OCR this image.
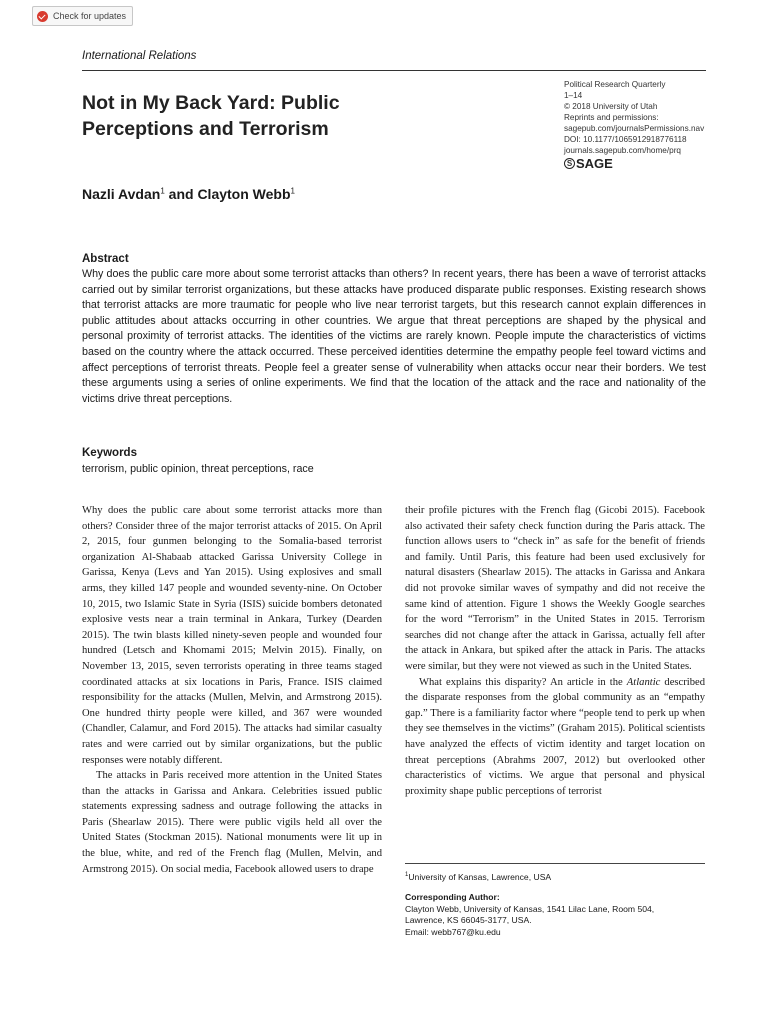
Check for updates
International Relations
Not in My Back Yard: Public Perceptions and Terrorism
Political Research Quarterly
1–14
© 2018 University of Utah
Reprints and permissions:
sagepub.com/journalsPermissions.nav
DOI: 10.1177/1065912918776118
journals.sagepub.com/home/prq
S SAGE
Nazli Avdan$^1$ and Clayton Webb$^1$
Abstract

Why does the public care more about some terrorist attacks than others? In recent years, there has been a wave of terrorist attacks carried out by similar terrorist organizations, but these attacks have produced disparate public responses. Existing research shows that terrorist attacks are more traumatic for people who live near terrorist targets, but this research cannot explain differences in public attitudes about attacks occurring in other countries. We argue that threat perceptions are shaped by the physical and personal proximity of terrorist attacks. The identities of the victims are rarely known. People impute the characteristics of victims based on the country where the attack occurred. These perceived identities determine the empathy people feel toward victims and affect perceptions of terrorist threats. People feel a greater sense of vulnerability when attacks occur near their borders. We test these arguments using a series of online experiments. We find that the location of the attack and the race and nationality of the victims drive threat perceptions.

Keywords
terrorism, public opinion, threat perceptions, race

Why does the public care about some terrorist attacks more than others? Consider three of the major terrorist attacks of 2015. On April 2, 2015, four gunmen belonging to the Somalia-based terrorist organization Al-Shabaab attacked Garissa University College in Garissa, Kenya (Levs and Yan 2015). Using explosives and small arms, they killed 147 people and wounded seventy-nine. On October 10, 2015, two Islamic State in Syria (ISIS) suicide bombers detonated explosive vests near a train terminal in Ankara, Turkey (Dearden 2015). The twin blasts killed ninety-seven people and wounded four hundred (Letsch and Khomami 2015; Melvin 2015). Finally, on November 13, 2015, seven terrorists operating in three teams staged coordinated attacks at six locations in Paris, France. ISIS claimed responsibility for the attacks (Mullen, Melvin, and Armstrong 2015). One hundred thirty people were killed, and 367 were wounded (Chandler, Calamur, and Ford 2015). The attacks had similar casualty rates and were carried out by similar organizations, but the public responses were notably different.

The attacks in Paris received more attention in the United States than the attacks in Garissa and Ankara. Celebrities issued public statements expressing sadness and outrage following the attacks in Paris (Shearlaw 2015). There were public vigils held all over the United States (Stockman 2015). National monuments were lit up in the blue, white, and red of the French flag (Mullen, Melvin, and Armstrong 2015). On social media, Facebook allowed users to drape

their profile pictures with the French flag (Gicobi 2015). Facebook also activated their safety check function during the Paris attack. The function allows users to “check in” as safe for the benefit of friends and family. Until Paris, this feature had been used exclusively for natural disasters (Shearlaw 2015). The attacks in Garissa and Ankara did not provoke similar waves of sympathy and did not receive the same kind of attention. Figure 1 shows the Weekly Google searches for the word “Terrorism” in the United States in 2015. Terrorism searches did not change after the attack in Garissa, actually fell after the attack in Ankara, but spiked after the attack in Paris. The attacks were similar, but they were not viewed as such in the United States.

What explains this disparity? An article in the Atlantic described the disparate responses from the global community as an “empathy gap.” There is a familiarity factor where “people tend to perk up when they see themselves in the victims” (Graham 2015). Political scientists have analyzed the effects of victim identity and target location on threat perceptions (Abrahms 2007, 2012) but overlooked other characteristics of victims. We argue that personal and physical proximity shape public perceptions of terrorist

$^1$University of Kansas, Lawrence, USA
Corresponding Author:
Clayton Webb, University of Kansas, 1541 Lilac Lane, Room 504,
Lawrence, KS 66045-3177, USA.
Email: webb767@ku.edu
